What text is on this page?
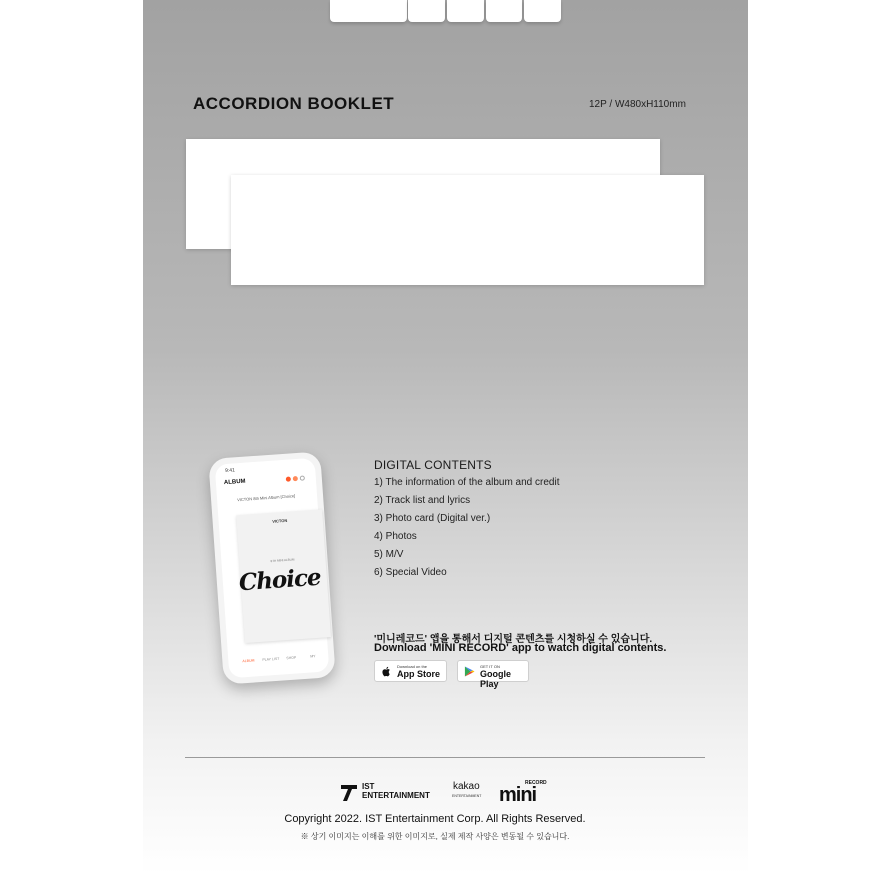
ACCORDION BOOKLET	12P / W480xH110mm
9:41
ALBUM
VICTON 8th Mini Album [Choice]
VICTON
8TH MINI ALBUM
Choice
ALBUM PLAY LIST SHOP	MY
DIGITAL CONTENTS
1) The information of the album and credit
2) Track list and lyrics
3) Photo card (Digital ver.)
4) Photos
5) M/V
6) Special Video
'미니레코드' 앱을 통해서 디지털 콘텐츠를 시청하실 수 있습니다.
Download 'MINI RECORD' app to watch digital contents.
Download on the
App Store
GET IT ON
Google Play
IST
ENTERTAINMENT
kakao
ENTERTAINMENT
RECORD
mini
Copyright 2022. IST Entertainment Corp. All Rights Reserved.
※ 상기 이미지는 이해를 위한 이미지로, 실제 제작 사양은 변동될 수 있습니다.
